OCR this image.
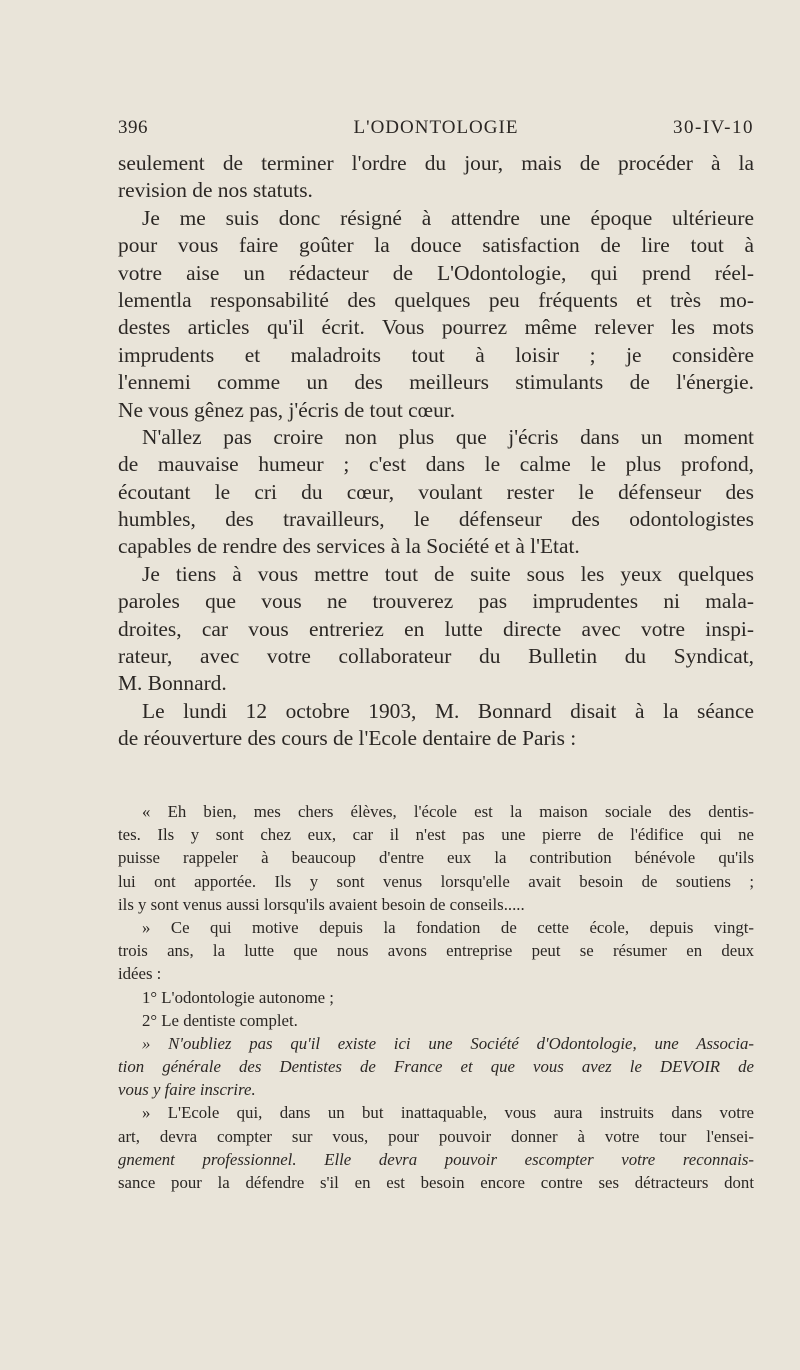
396	L'ODONTOLOGIE	30-IV-10
seulement de terminer l'ordre du jour, mais de procéder à la
revision de nos statuts.
Je me suis donc résigné à attendre une époque ultérieure
pour vous faire goûter la douce satisfaction de lire tout à
votre aise un rédacteur de L'Odontologie, qui prend réel-
lementla responsabilité des quelques peu fréquents et très mo-
destes articles qu'il écrit. Vous pourrez même relever les mots
imprudents et maladroits tout à loisir ; je considère
l'ennemi comme un des meilleurs stimulants de l'énergie.
Ne vous gênez pas, j'écris de tout cœur.
N'allez pas croire non plus que j'écris dans un moment
de mauvaise humeur ; c'est dans le calme le plus profond,
écoutant le cri du cœur, voulant rester le défenseur des
humbles, des travailleurs, le défenseur des odontologistes
capables de rendre des services à la Société et à l'Etat.
Je tiens à vous mettre tout de suite sous les yeux quelques
paroles que vous ne trouverez pas imprudentes ni mala-
droites, car vous entreriez en lutte directe avec votre inspi-
rateur, avec votre collaborateur du Bulletin du Syndicat,
M. Bonnard.
Le lundi 12 octobre 1903, M. Bonnard disait à la séance
de réouverture des cours de l'Ecole dentaire de Paris :
« Eh bien, mes chers élèves, l'école est la maison sociale des dentis-
tes. Ils y sont chez eux, car il n'est pas une pierre de l'édifice qui ne
puisse rappeler à beaucoup d'entre eux la contribution bénévole qu'ils
lui ont apportée. Ils y sont venus lorsqu'elle avait besoin de soutiens ;
ils y sont venus aussi lorsqu'ils avaient besoin de conseils.....
» Ce qui motive depuis la fondation de cette école, depuis vingt-
trois ans, la lutte que nous avons entreprise peut se résumer en deux
idées :
1° L'odontologie autonome ;
2° Le dentiste complet.
» N'oubliez pas qu'il existe ici une Société d'Odontologie, une Associa-
tion générale des Dentistes de France et que vous avez le DEVOIR de
vous y faire inscrire.
» L'Ecole qui, dans un but inattaquable, vous aura instruits dans votre
art, devra compter sur vous, pour pouvoir donner à votre tour l'ensei-
gnement professionnel. Elle devra pouvoir escompter votre reconnais-
sance pour la défendre s'il en est besoin encore contre ses détracteurs dont
